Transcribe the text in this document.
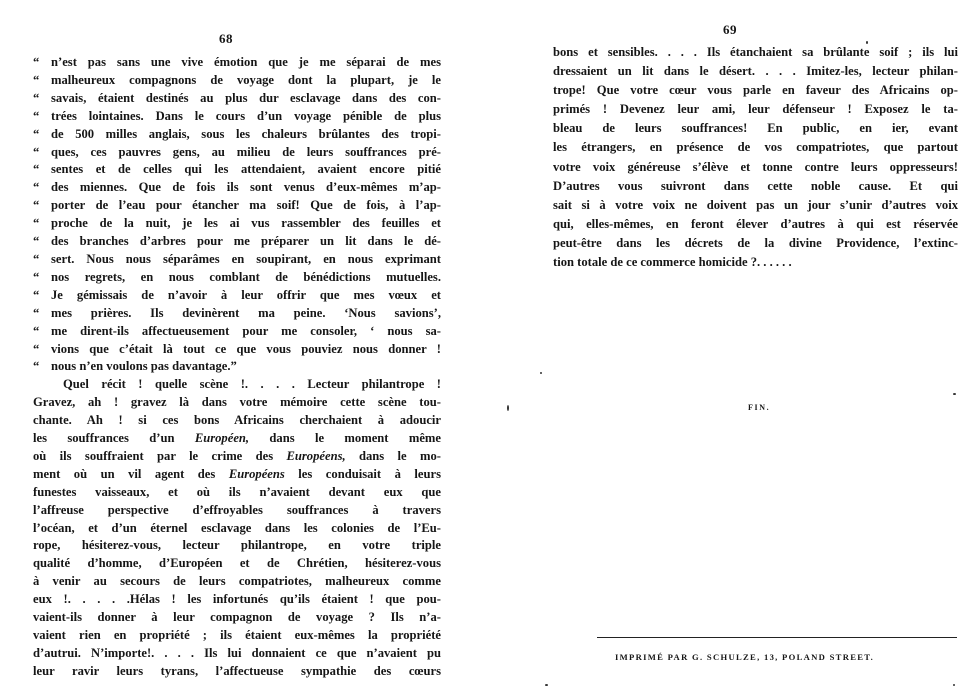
68
“ n’est pas sans une vive émotion que je me séparai de mes
“ malheureux compagnons de voyage dont la plupart, je le
“ savais, étaient destinés au plus dur esclavage dans des con-
“ trées lointaines. Dans le cours d’un voyage pénible de plus
“ de 500 milles anglais, sous les chaleurs brûlantes des tropi-
“ ques, ces pauvres gens, au milieu de leurs souffrances pré-
“ sentes et de celles qui les attendaient, avaient encore pitié
“ des miennes. Que de fois ils sont venus d’eux-mêmes m’ap-
“ porter de l’eau pour étancher ma soif! Que de fois, à l’ap-
“ proche de la nuit, je les ai vus rassembler des feuilles et
“ des branches d’arbres pour me préparer un lit dans le dé-
“ sert. Nous nous séparâmes en soupirant, en nous exprimant
“ nos regrets, en nous comblant de bénédictions mutuelles.
“ Je gémissais de n’avoir à leur offrir que mes vœux et
“ mes prières. Ils devinèrent ma peine. ‘Nous savions’,
“ me dirent-ils affectueusement pour me consoler, ‘ nous sa-
“ vions que c’était là tout ce que vous pouviez nous donner !
“ nous n’en voulons pas davantage.”
Quel récit ! quelle scène !. . . . Lecteur philantrope !
Gravez, ah ! gravez là dans votre mémoire cette scène tou-
chante. Ah ! si ces bons Africains cherchaient à adoucir
les souffrances d’un Européen, dans le moment même
où ils souffraient par le crime des Européens, dans le mo-
ment où un vil agent des Européens les conduisait à leurs
funestes vaisseaux, et où ils n’avaient devant eux que
l’affreuse perspective d’effroyables souffrances à travers
l’océan, et d’un éternel esclavage dans les colonies de l’Eu-
rope, hésiterez-vous, lecteur philantrope, en votre triple
qualité d’homme, d’Européen et de Chrétien, hésiterez-vous
à venir au secours de leurs compatriotes, malheureux comme
eux !. . . . .Hélas ! les infortunés qu’ils étaient ! que pou-
vaient-ils donner à leur compagnon de voyage ? Ils n’a-
vaient rien en propriété ; ils étaient eux-mêmes la propriété
d’autrui. N’importe!. . . . Ils lui donnaient ce que n’avaient pu
leur ravir leurs tyrans, l’affectueuse sympathie des cœurs
69
bons et sensibles. . . . Ils étanchaient sa brûlante soif ; ils lui
dressaient un lit dans le désert. . . . Imitez-les, lecteur philan-
trope! Que votre cœur vous parle en faveur des Africains op-
primés ! Devenez leur ami, leur défenseur ! Exposez le ta-
bleau de leurs souffrances! En public, en ier, evant
les étrangers, en présence de vos compatriotes, que partout
votre voix généreuse s’élève et tonne contre leurs oppresseurs!
D’autres vous suivront dans cette noble cause. Et qui
sait si à votre voix ne doivent pas un jour s’unir d’autres voix
qui, elles-mêmes, en feront élever d’autres à qui est réservée
peut-être dans les décrets de la divine Providence, l’extinc-
tion totale de ce commerce homicide ?. . . . . .
FIN.
IMPRIMÉ PAR G. SCHULZE, 13, POLAND STREET.
